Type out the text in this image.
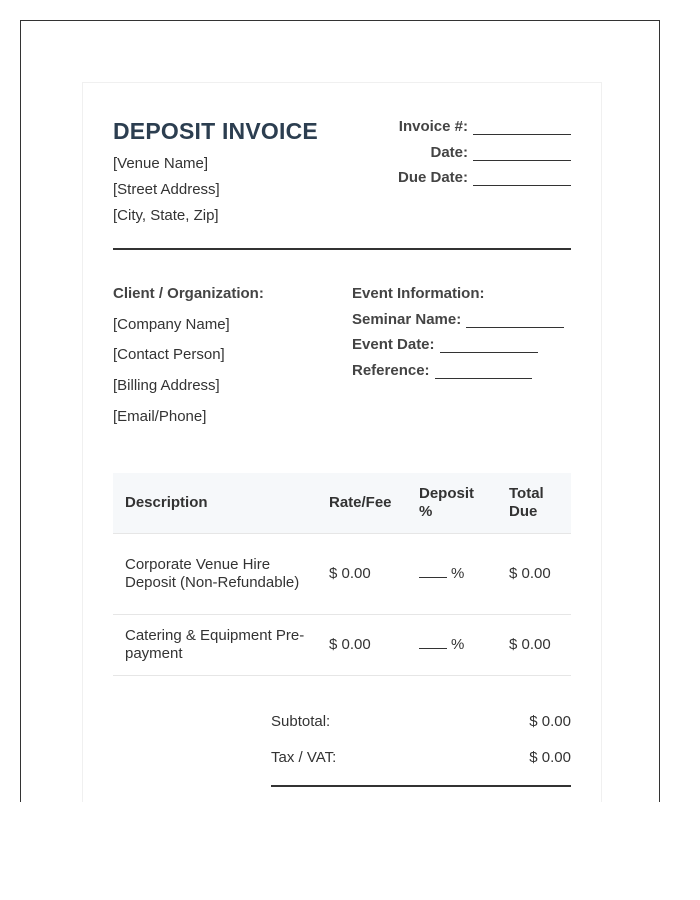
DEPOSIT INVOICE
[Venue Name]
[Street Address]
[City, State, Zip]
Invoice #:
Date:
Due Date:
Client / Organization:
[Company Name]
[Contact Person]
[Billing Address]
[Email/Phone]
Event Information:
Seminar Name:
Event Date:
Reference:
Description	Rate/Fee	Deposit %	Total Due
Corporate Venue Hire Deposit (Non-Refundable)	$ 0.00	%	$ 0.00
Catering & Equipment Pre-payment	$ 0.00	%	$ 0.00
Subtotal:	$ 0.00
Tax / VAT:	$ 0.00
